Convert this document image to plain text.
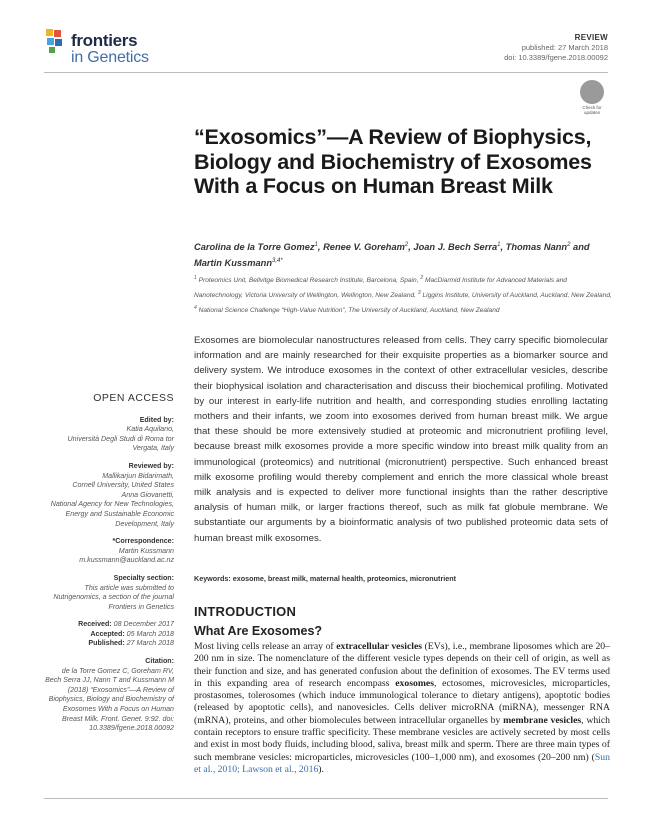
frontiers
in Genetics
REVIEW
published: 27 March 2018
doi: 10.3389/fgene.2018.00092
Check for updates
“Exosomics”—A Review of Biophysics, Biology and Biochemistry of Exosomes With a Focus on Human Breast Milk
Carolina de la Torre Gomez$^1$, Renee V. Goreham$^2$, Joan J. Bech Serra$^1$, Thomas Nann$^2$ and Martin Kussmann$^{3,4*}$
$^1$ Proteomics Unit, Bellvitge Biomedical Research Institute, Barcelona, Spain, $^2$ MacDiarmid Institute for Advanced Materials and Nanotechnology, Victoria University of Wellington, Wellington, New Zealand, $^3$ Liggins Institute, University of Auckland, Auckland, New Zealand, $^4$ National Science Challenge “High-Value Nutrition”, The University of Auckland, Auckland, New Zealand
Exosomes are biomolecular nanostructures released from cells. They carry specific biomolecular information and are mainly researched for their exquisite properties as a biomarker source and delivery system. We introduce exosomes in the context of other extracellular vesicles, describe their biophysical isolation and characterisation and discuss their biochemical profiling. Motivated by our interest in early-life nutrition and health, and corresponding studies enrolling lactating mothers and their infants, we zoom into exosomes derived from human breast milk. We argue that these should be more extensively studied at proteomic and micronutrient profiling level, because breast milk exosomes provide a more specific window into breast milk quality from an immunological (proteomics) and nutritional (micronutrient) perspective. Such enhanced breast milk exosome profiling would thereby complement and enrich the more classical whole breast milk analysis and is expected to deliver more functional insights than the rather descriptive analysis of human milk, or larger fractions thereof, such as milk fat globule membrane. We substantiate our arguments by a bioinformatic analysis of two published proteomic data sets of human breast milk exosomes.
Keywords: exosome, breast milk, maternal health, proteomics, micronutrient
OPEN ACCESS
Edited by:
Katia Aquilano,
Università Degli Studi di Roma tor Vergata, Italy
Reviewed by:
Mallikarjun Bidarimath,
Cornell University, United States
Anna Giovanetti,
National Agency for New Technologies, Energy and Sustainable Economic Development, Italy
*Correspondence:
Martin Kussmann
m.kussmann@auckland.ac.nz
Specialty section:
This article was submitted to Nutrigenomics, a section of the journal Frontiers in Genetics
Received: 08 December 2017
Accepted: 05 March 2018
Published: 27 March 2018
Citation:
de la Torre Gomez C, Goreham RV, Bech Serra JJ, Nann T and Kussmann M (2018) “Exosomics”—A Review of Biophysics, Biology and Biochemistry of Exosomes With a Focus on Human Breast Milk. Front. Genet. 9:92. doi: 10.3389/fgene.2018.00092
INTRODUCTION
What Are Exosomes?
Most living cells release an array of extracellular vesicles (EVs), i.e., membrane liposomes which are 20–200 nm in size. The nomenclature of the different vesicle types depends on their cell of origin, as well as their function and size, and has generated confusion about the definition of exosomes. The EV terms used in this expanding area of research encompass exosomes, ectosomes, microvesicles, microparticles, prostasomes, tolerosomes (which induce immunological tolerance to dietary antigens), apoptotic bodies (released by apoptotic cells), and nanovesicles. Cells deliver microRNA (miRNA), messenger RNA (mRNA), proteins, and other biomolecules between intracellular organelles by membrane vesicles, which contain receptors to ensure traffic specificity. These membrane vesicles are actively secreted by most cells and exist in most body fluids, including blood, saliva, breast milk and sperm. There are three main types of such membrane vesicles: microparticles, microvesicles (100–1,000 nm), and exosomes (20–200 nm) (Sun et al., 2010; Lawson et al., 2016).
